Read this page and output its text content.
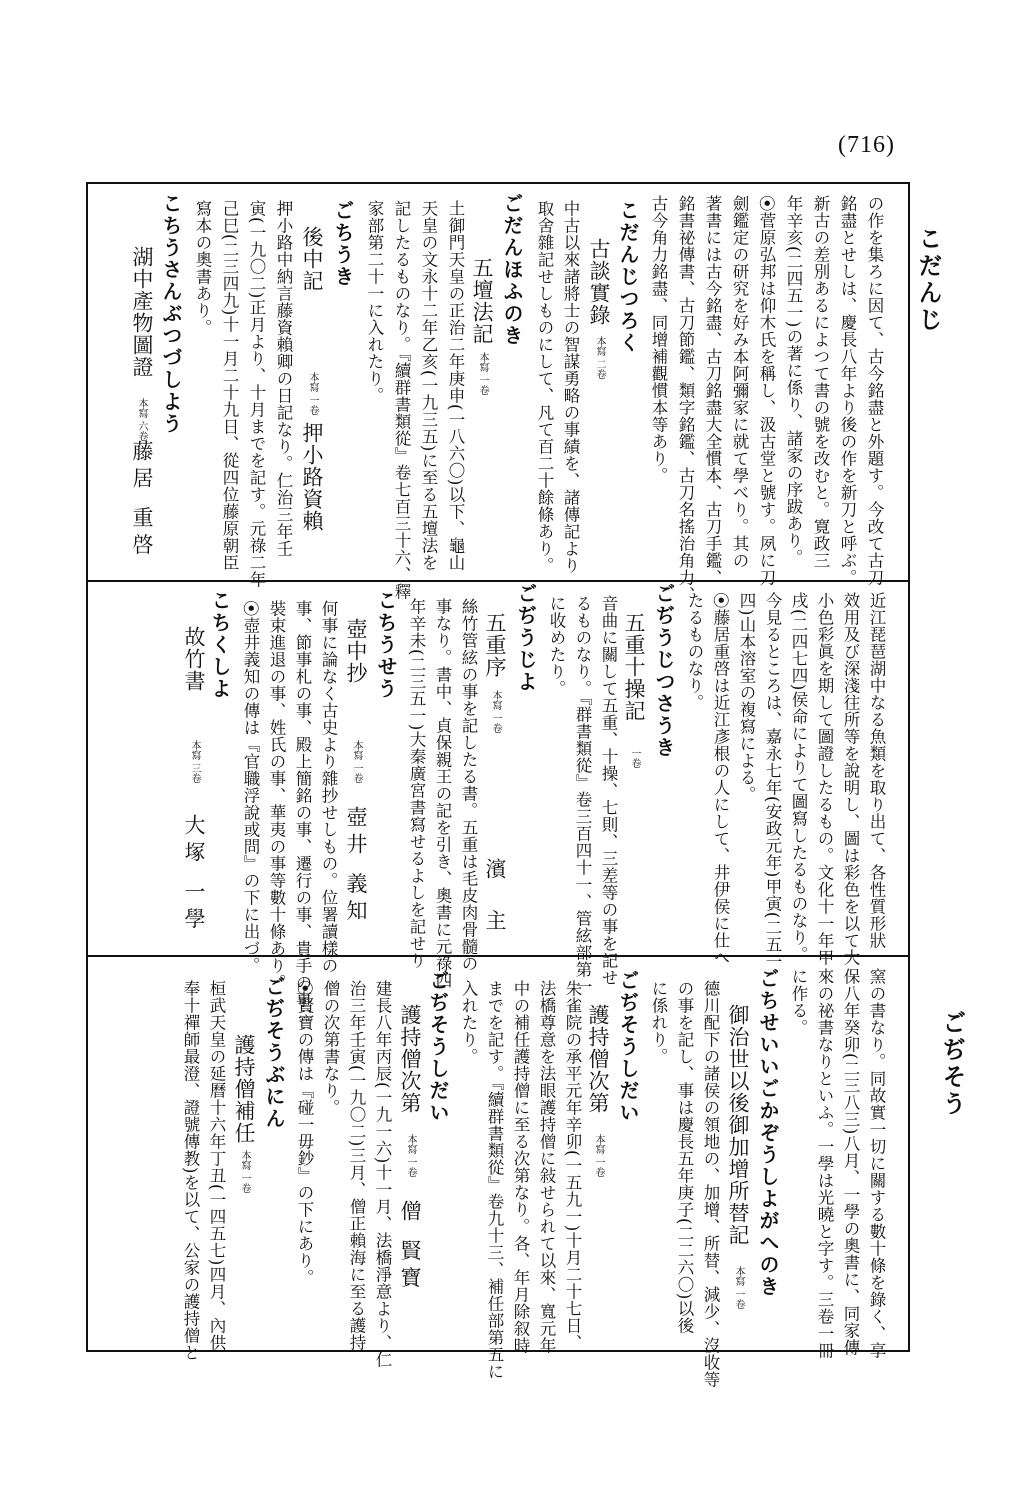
(716)
こだんじ
の作を集ろに因て、古今銘盡と外題す。今改て古刀
銘盡とせしは、慶長八年より後の作を新刀と呼ぶ。
新古の差別あるによつて書の號を改むと。寛政三
年辛亥(二四五一)の著に係り、諸家の序跋あり。
⦿菅原弘邦は仰木氏を稱し、汲古堂と號す。夙に刀
劍鑑定の研究を好み本阿彌家に就て學べり。其の
著書には古今銘盡、古刀銘盡大全慣本、古刀手鑑、
銘書祕傳書、古刀節鑑、類字銘鑑、古刀名搖治角力、
古今角力銘盡、同增補觀慣本等あり。
こだんじつろく
古談實錄
本寫 二卷
中古以來諸將士の智謀勇略の事績を、諸傳記より
取舍雜記せしものにして、凡て百二十餘條あり。
ごだんほふのき
五壇法記
本寫 一卷
土御門天皇の正治二年庚申(一八六〇)以下、龜山
天皇の文永十二年乙亥(一九三五)に至る五壇法を
記したるものなり。『續群書類從』卷七百三十六、釋
家部第二十一に入れたり。
ごちうき
後中記
本寫 一卷
押小路資賴
押小路中納言藤資賴卿の日記なり。仁治三年壬
寅(一九〇二)正月より、十月までを記す。元祿二年
己巳(二三四九)十一月二十九日、從四位藤原朝臣
寫本の奧書あり。
こちうさんぶつづしよう
湖中產物圖證
本寫 六卷
藤居 重啓
近江琵琶湖中なる魚類を取り出て、各性質形狀
效用及び深淺往所等を說明し、圖は彩色を以て大
小色彩眞を期して圖證したるもの。文化十一年甲
戌(二四七四)侯命によりて圖寫したるものなり。
今見るところは、嘉永七年(安政元年)甲寅(二五一
四)山本溶室の複寫による。
⦿藤居重啓は近江彥根の人にして、井伊侯に仕へ
たるものなり。
ごぢうじつさうき
五重十操記
一卷
音曲に關して五重、十操、七則、三差等の事を記せ
るものなり。『群書類從』卷三百四十一、管絃部第一
に收めたり。
ごぢうじよ
五重序
本寫 一卷
濱 主
絲竹管絃の事を記したる書。五重は毛皮肉骨髓の
事なり。書中、貞保親王の記を引き、奧書に元祿四
年辛未(二三五一)大秦廣宮書寫せるよしを記せり
こちうせう
壺中抄
本寫 一卷
壺井 義知
何事に論なく古史より雜抄せしもの。位署讀樣の
事、節事札の事、殿上簡銘の事、遷行の事、貴手の事、
裝束進退の事、姓氏の事、華夷の事等數十條あり。
⦿壺井義知の傳は『官職浮說或問』の下に出づ。
こちくしよ
故竹書
本寫 三卷
大塚 一學
ごぢそう
窯の書なり。同故實一切に關する數十條を錄く、享
保八年癸卯(二三八三)八月、一學の奧書に、同家傳
來の祕書なりといふ。一學は光曉と字す。三卷一冊
に作る。
ごちせいいごかぞうしよがへのき
御治世以後御加增所替記
本寫 一卷
德川配下の諸侯の領地の、加增、所替、減少、沒收等
の事を記し、事は慶長五年庚子(二二六〇)以後
に係れり。
ごぢそうしだい
護持僧次第
本寫 一卷
朱雀院の承平元年辛卯(一五九一)十月二十七日、
法橋尊意を法眼護持僧に敍せられて以來、寬元年
中の補任護持僧に至る次第なり。各、年月除叙時
までを記す。『續群書類從』卷九十三、補任部第五に
入れたり。
ごぢそうしだい
護持僧次第
本寫 一卷
僧 賢寶
建長八年丙辰(一九一六)十一月、法橋淨意より、仁
治三年壬寅(一九〇二)三月、僧正賴海に至る護持
僧の次第書なり。
⦿賢寶の傳は『碰一毋鈔』の下にあり。
ごぢそうぶにん
護持僧補任
本寫 一卷
桓武天皇の延曆十六年丁丑(一四五七)四月、內供
奉十禪師最澄、證號傳教)を以て、公家の護持僧と
